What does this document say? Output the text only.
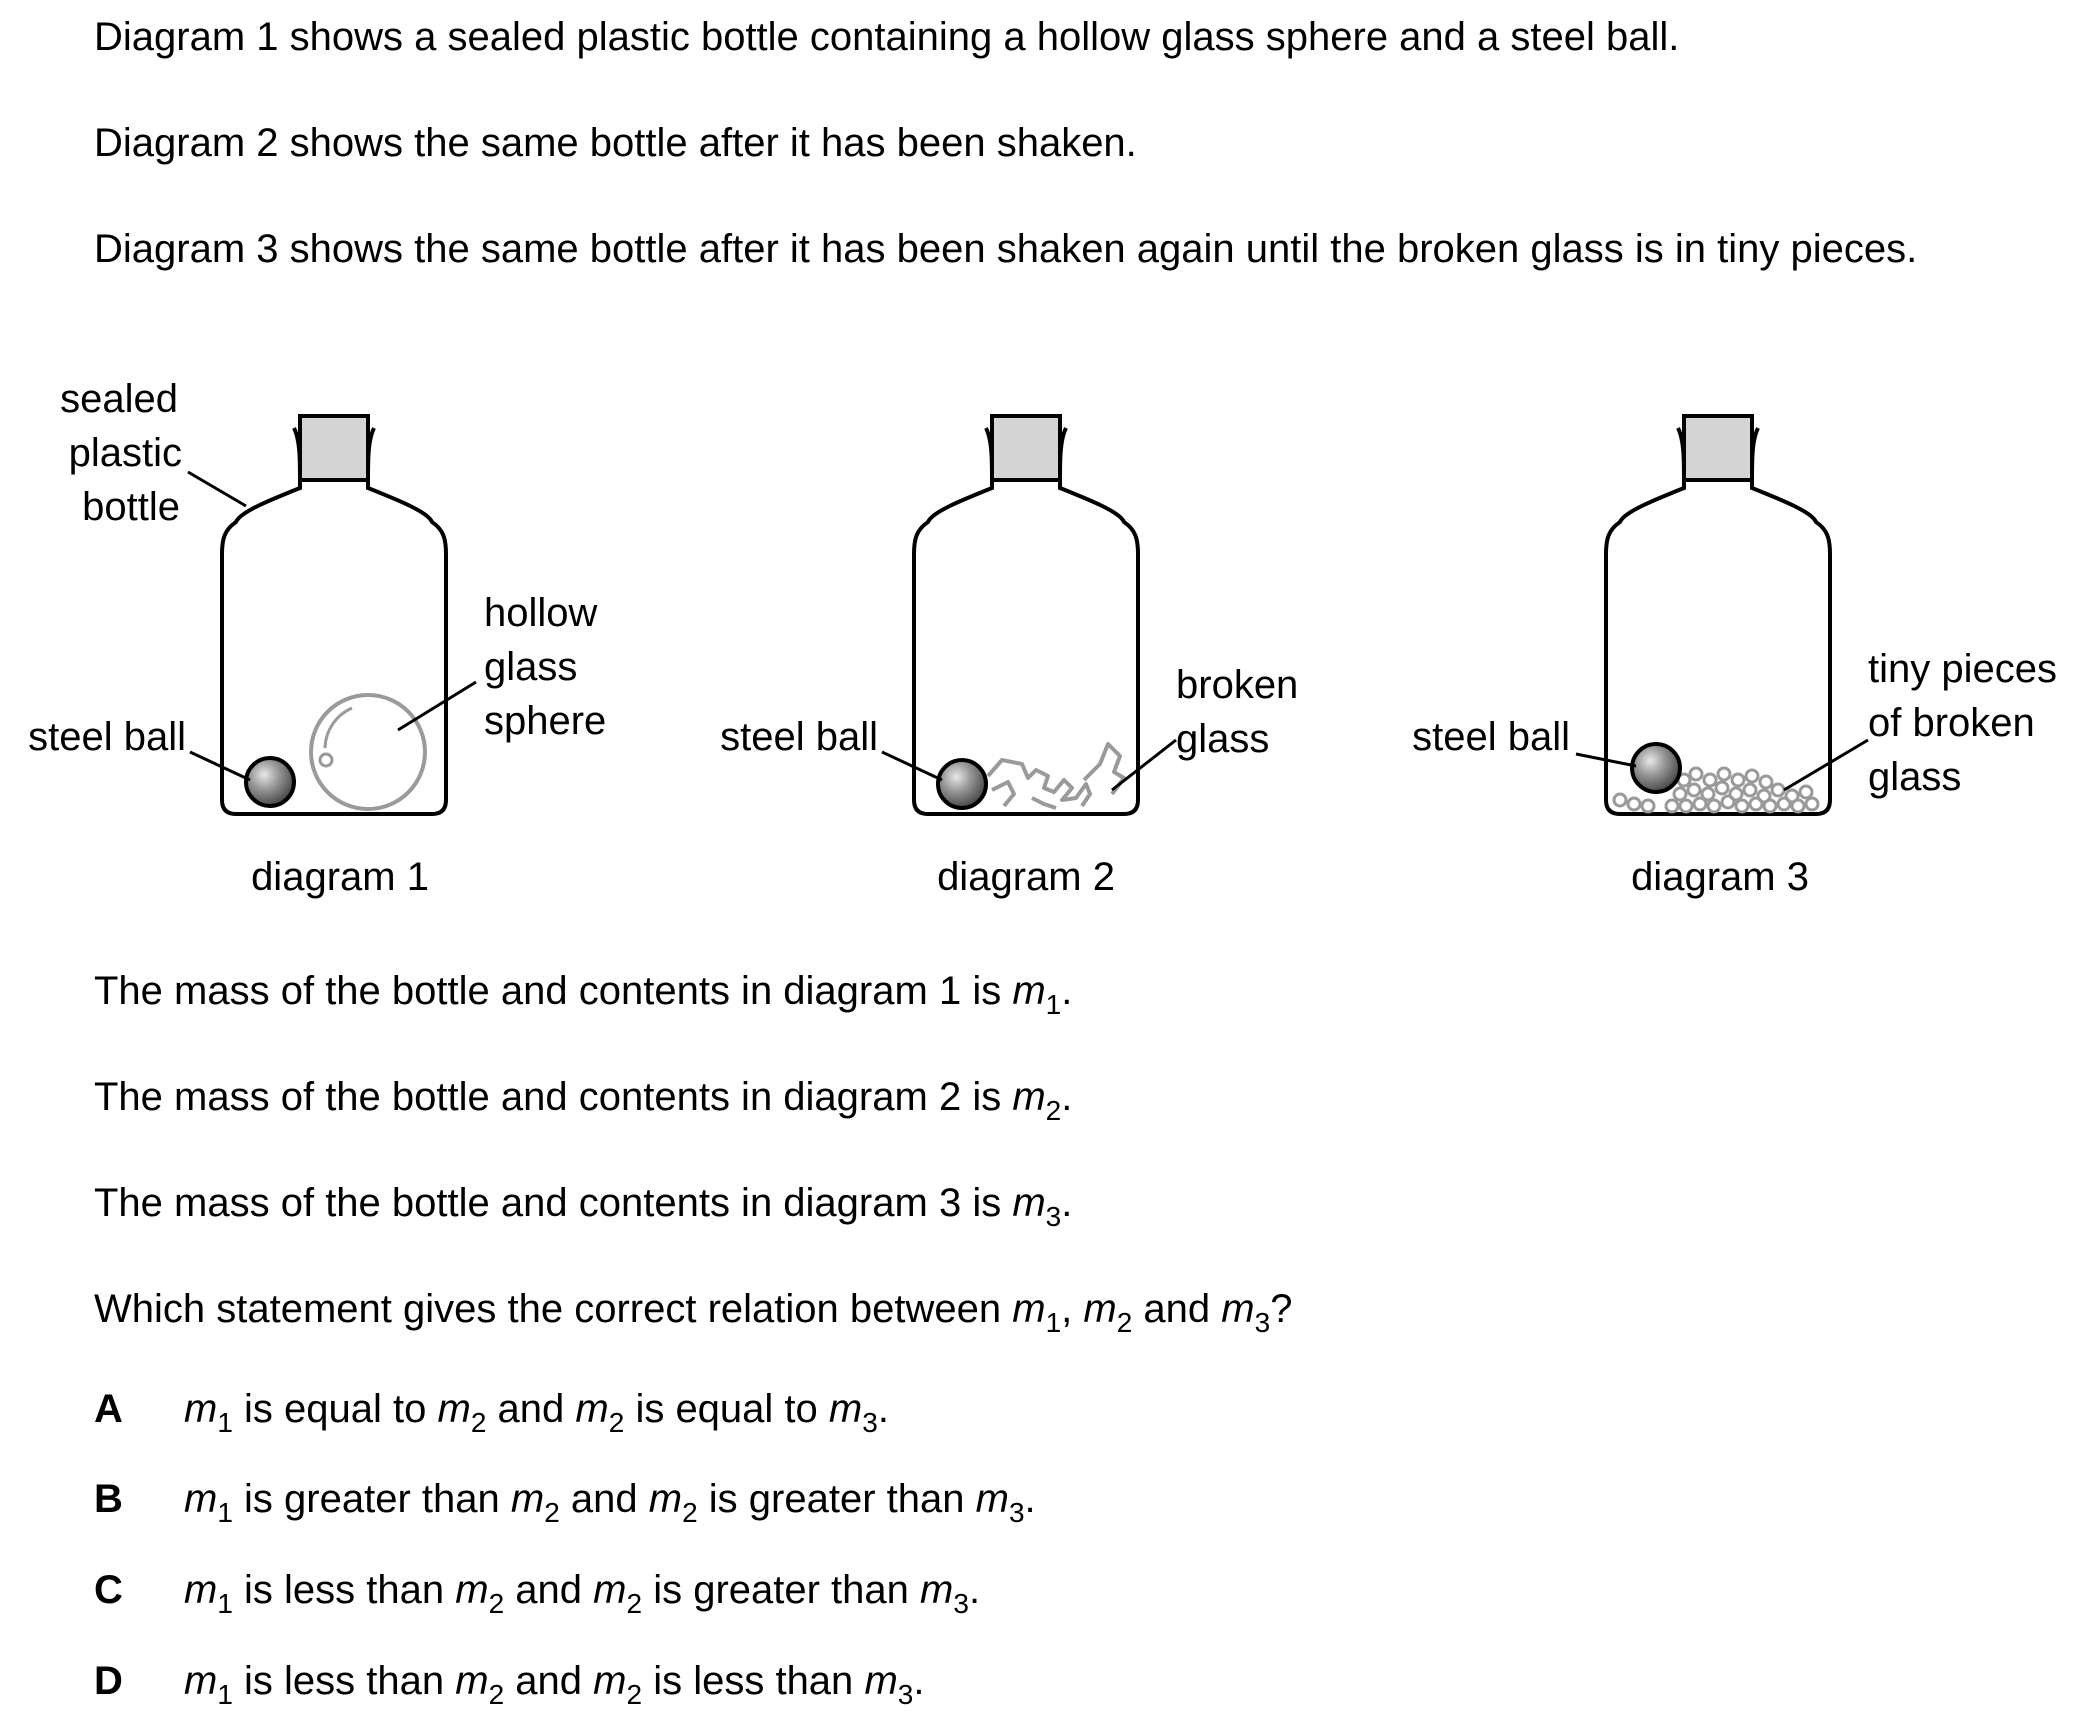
Diagram 1 shows a sealed plastic bottle containing a hollow glass sphere and a steel ball.

Diagram 2 shows the same bottle after it has been shaken.

Diagram 3 shows the same bottle after it has been shaken again until the broken glass is in tiny pieces.

sealed
plastic
bottle
steel ball
hollow
glass
sphere
diagram 1
steel ball
broken
glass
diagram 2
steel ball
tiny pieces
of broken
glass
diagram 3

The mass of the bottle and contents in diagram 1 is $m_1$.

The mass of the bottle and contents in diagram 2 is $m_2$.

The mass of the bottle and contents in diagram 3 is $m_3$.

Which statement gives the correct relation between $m_1$, $m_2$ and $m_3$?

A $m_1$ is equal to $m_2$ and $m_2$ is equal to $m_3$.
B $m_1$ is greater than $m_2$ and $m_2$ is greater than $m_3$.
C $m_1$ is less than $m_2$ and $m_2$ is greater than $m_3$.
D $m_1$ is less than $m_2$ and $m_2$ is less than $m_3$.
